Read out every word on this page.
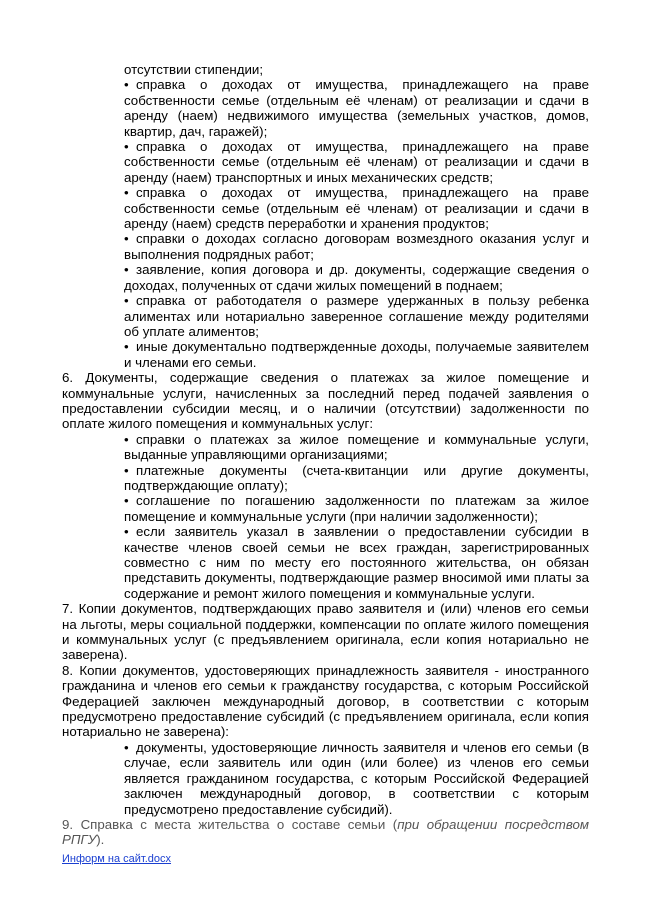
отсутствии стипендии;

• справка о доходах от имущества, принадлежащего на праве собственности семье (отдельным её членам) от реализации и сдачи в аренду (наем) недвижимого имущества (земельных участков, домов, квартир, дач, гаражей);

• справка о доходах от имущества, принадлежащего на праве собственности семье (отдельным её членам) от реализации и сдачи в аренду (наем) транспортных и иных механических средств;

• справка о доходах от имущества, принадлежащего на праве собственности семье (отдельным её членам) от реализации и сдачи в аренду (наем) средств переработки и хранения продуктов;

• справки о доходах согласно договорам возмездного оказания услуг и выполнения подрядных работ;

• заявление, копия договора и др. документы, содержащие сведения о доходах, полученных от сдачи жилых помещений в поднаем;

• справка от работодателя о размере удержанных в пользу ребенка алиментах или нотариально заверенное соглашение между родителями об уплате алиментов;

• иные документально подтвержденные доходы, получаемые заявителем и членами его семьи.

6. Документы, содержащие сведения о платежах за жилое помещение и коммунальные услуги, начисленных за последний перед подачей заявления о предоставлении субсидии месяц, и о наличии (отсутствии) задолженности по оплате жилого помещения и коммунальных услуг:

• справки о платежах за жилое помещение и коммунальные услуги, выданные управляющими организациями;

• платежные документы (счета-квитанции или другие документы, подтверждающие оплату);

• соглашение по погашению задолженности по платежам за жилое помещение и коммунальные услуги (при наличии задолженности);

• если заявитель указал в заявлении о предоставлении субсидии в качестве членов своей семьи не всех граждан, зарегистрированных совместно с ним по месту его постоянного жительства, он обязан представить документы, подтверждающие размер вносимой ими платы за содержание и ремонт жилого помещения и коммунальные услуги.

7. Копии документов, подтверждающих право заявителя и (или) членов его семьи на льготы, меры социальной поддержки, компенсации по оплате жилого помещения и коммунальных услуг (с предъявлением оригинала, если копия нотариально не заверена).

8. Копии документов, удостоверяющих принадлежность заявителя - иностранного гражданина и членов его семьи к гражданству государства, с которым Российской Федерацией заключен международный договор, в соответствии с которым предусмотрено предоставление субсидий (с предъявлением оригинала, если копия нотариально не заверена):

• документы, удостоверяющие личность заявителя и членов его семьи (в случае, если заявитель или один (или более) из членов его семьи является гражданином государства, с которым Российской Федерацией заключен международный договор, в соответствии с которым предусмотрено предоставление субсидий).

9. Справка с места жительства о составе семьи (при обращении посредством РПГУ).

Информ на сайт.docx
